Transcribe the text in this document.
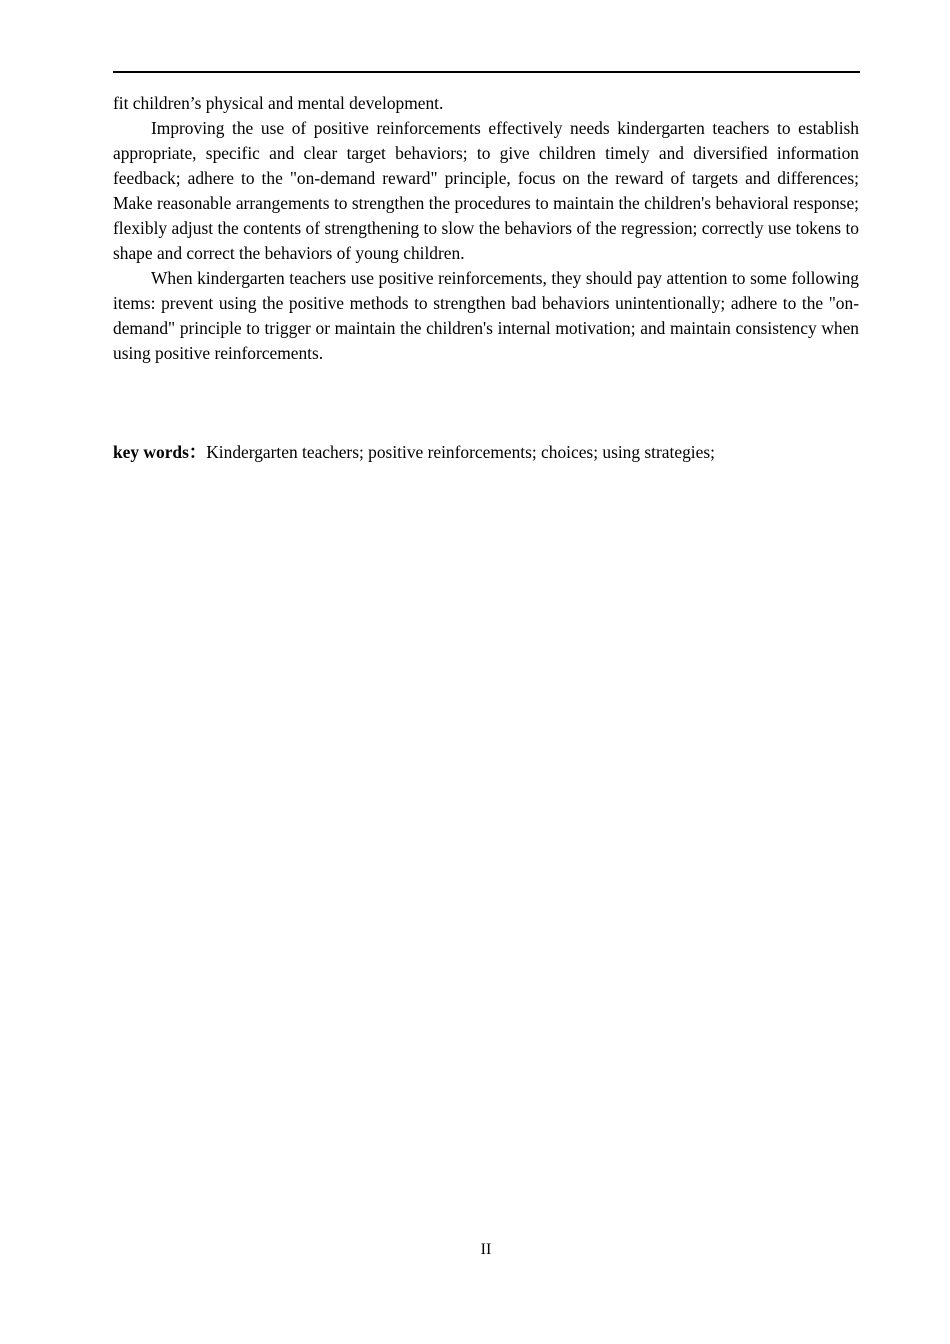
fit children’s physical and mental development.

Improving the use of positive reinforcements effectively needs kindergarten teachers to establish appropriate, specific and clear target behaviors; to give children timely and diversified information feedback; adhere to the "on-demand reward" principle, focus on the reward of targets and differences; Make reasonable arrangements to strengthen the procedures to maintain the children's behavioral response; flexibly adjust the contents of strengthening to slow the behaviors of the regression; correctly use tokens to shape and correct the behaviors of young children.

When kindergarten teachers use positive reinforcements, they should pay attention to some following items: prevent using the positive methods to strengthen bad behaviors unintentionally; adhere to the "on-demand" principle to trigger or maintain the children's internal motivation; and maintain consistency when using positive reinforcements.

key words：Kindergarten teachers; positive reinforcements; choices; using strategies;
II
